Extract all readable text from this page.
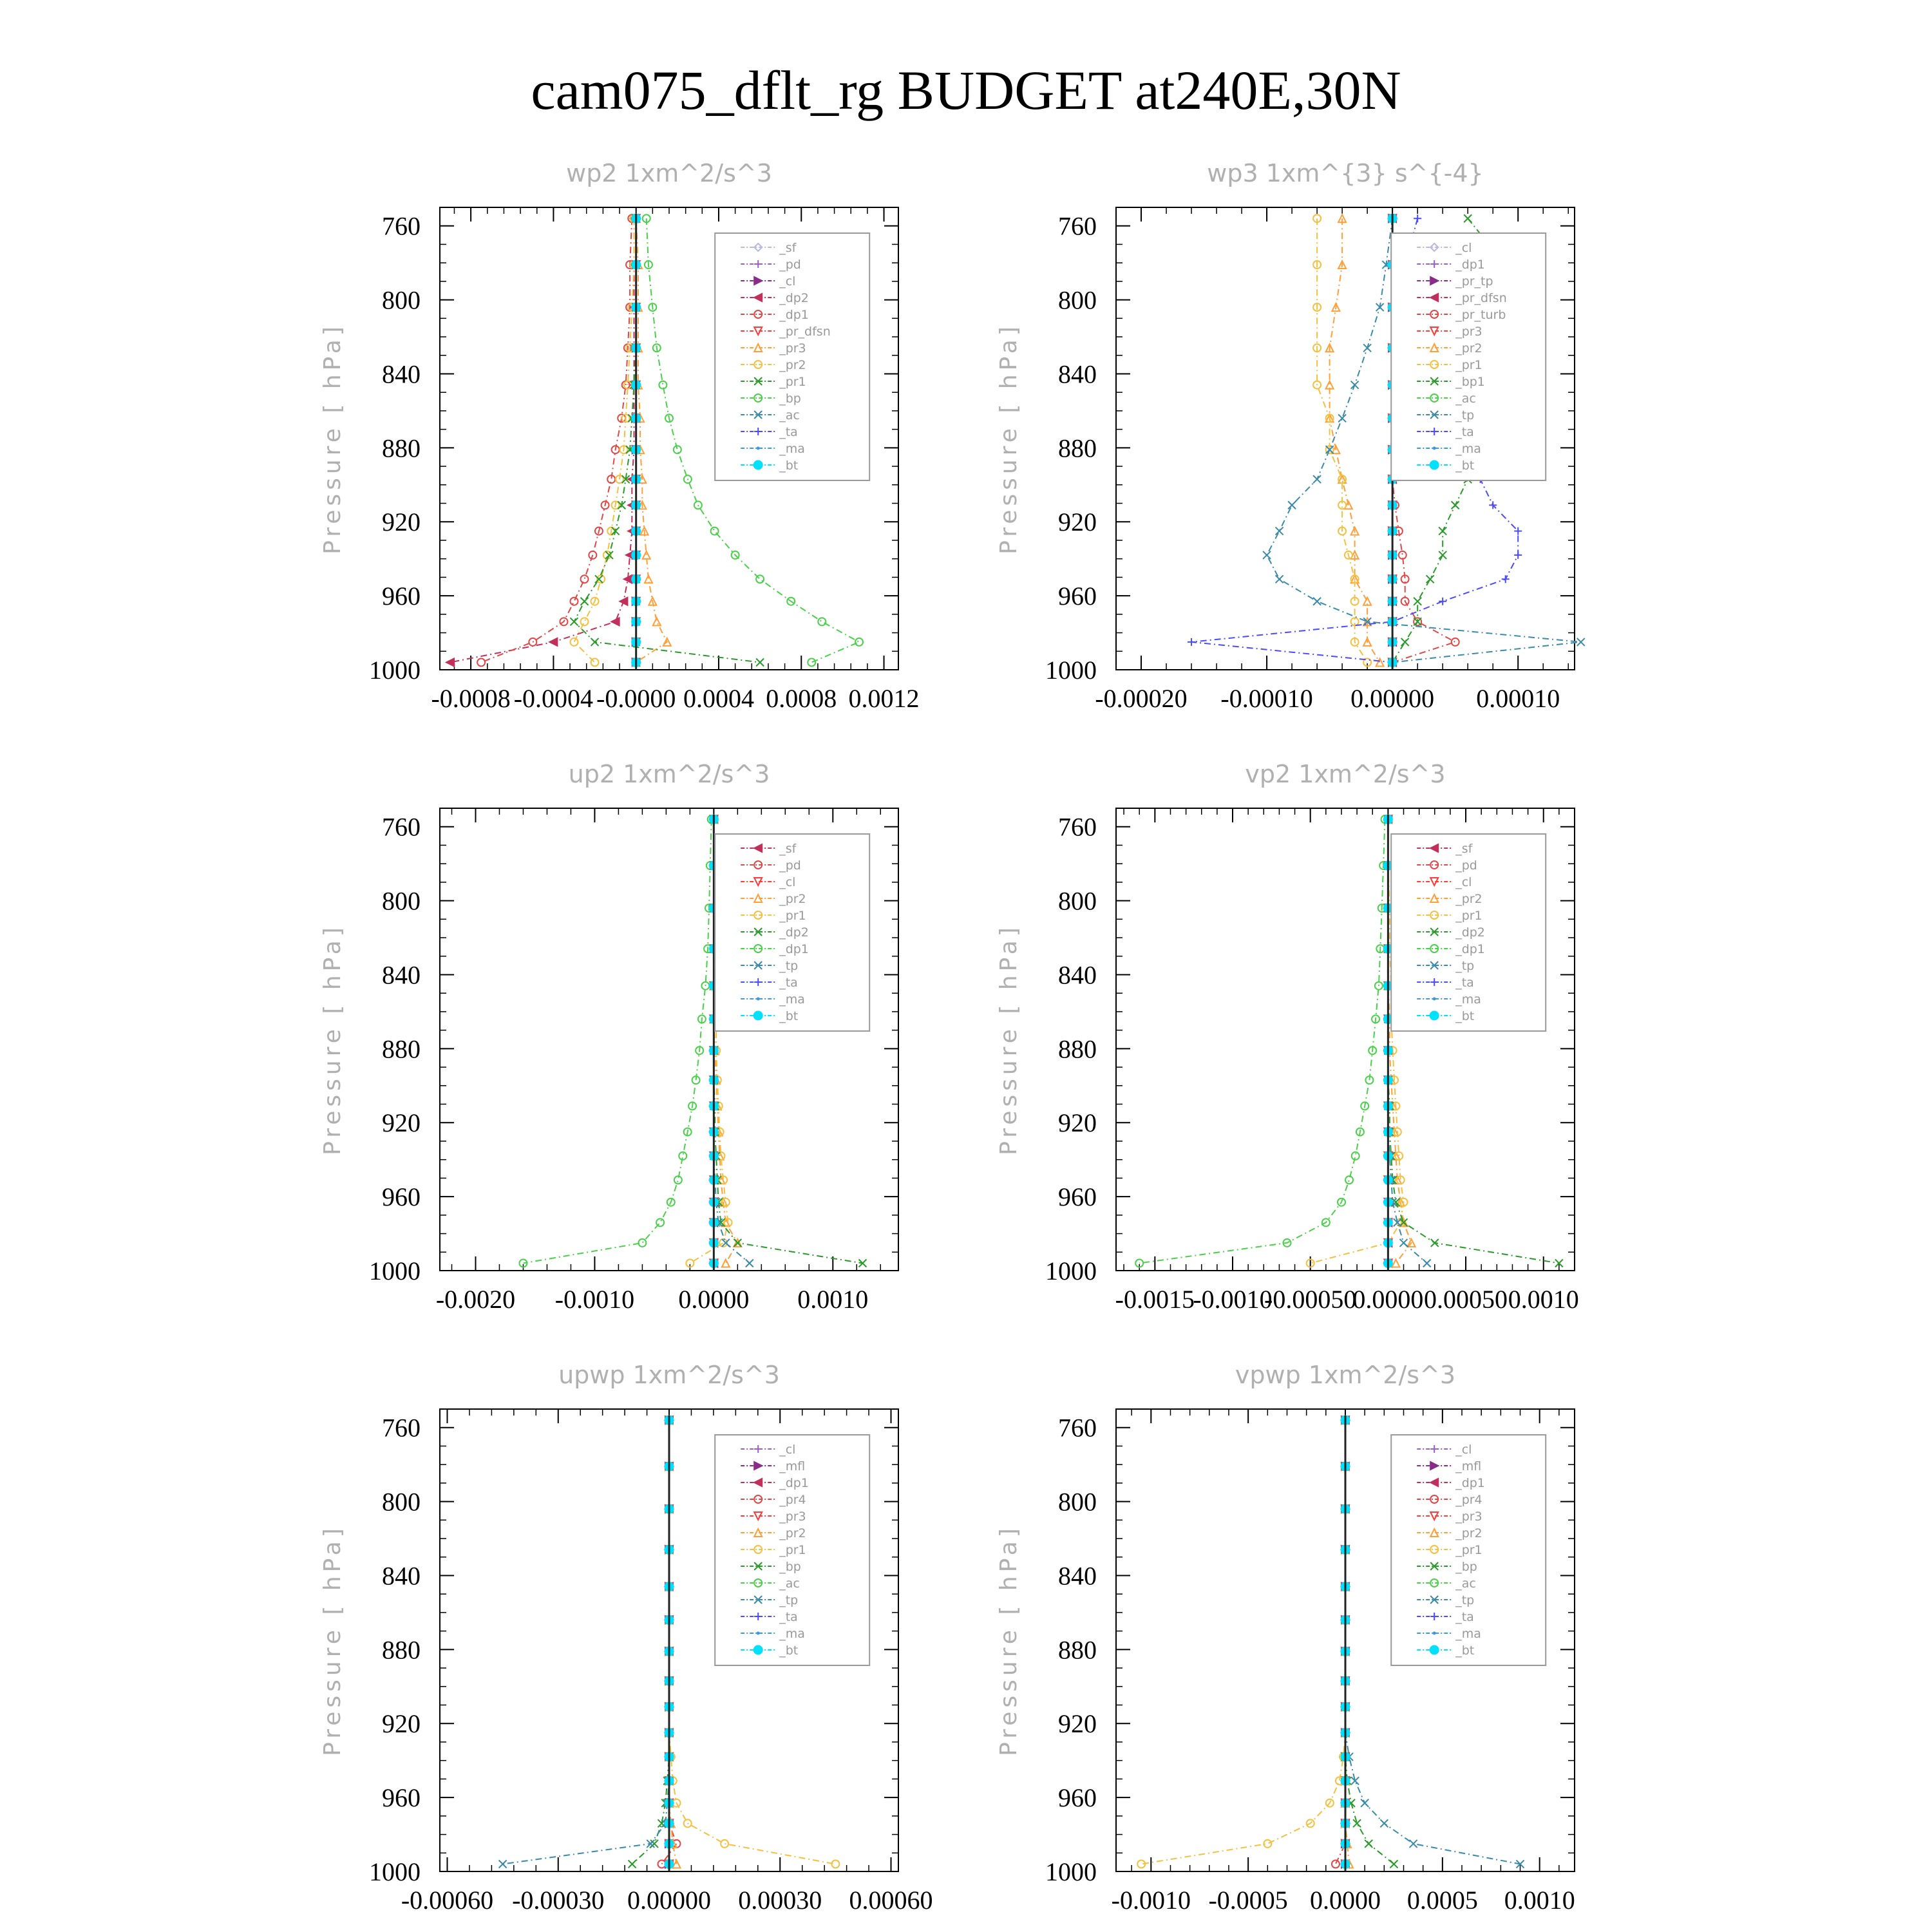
cam075_dflt_rg BUDGET at240E,30N
wp2 1xm^2/s^3
Pressure [ hPa]
760
800
840
880
920
960
1000
-0.0008 -0.0004 -0.0000 0.0004 0.0008 0.0012
_sf
_pd
_cl
_dp2
_dp1
_pr_dfsn
_pr3
_pr2
_pr1
_bp
_ac
_ta
_ma
_bt
wp3 1xm^{3} s^{-4}
Pressure [ hPa]
760
800
840
880
920
960
1000
-0.00020 -0.00010 0.00000 0.00010
_cl
_dp1
_pr_tp
_pr_dfsn
_pr_turb
_pr3
_pr2
_pr1
_bp1
_ac
_tp
_ta
_ma
_bt
up2 1xm^2/s^3
Pressure [ hPa]
760
800
840
880
920
960
1000
-0.0020 -0.0010 0.0000 0.0010
_sf
_pd
_cl
_pr2
_pr1
_dp2
_dp1
_tp
_ta
_ma
_bt
vp2 1xm^2/s^3
Pressure [ hPa]
760
800
840
880
920
960
1000
-0.0015
-0.0010
-0.00050
0.0000 0.00050 0.0010
_sf
_pd
_cl
_pr2
_pr1
_dp2
_dp1
_tp
_ta
_ma
_bt
upwp 1xm^2/s^3
Pressure [ hPa]
760
800
840
880
920
960
1000
-0.00060 -0.00030 0.00000 0.00030 0.00060
_cl
_mfl
_dp1
_pr4
_pr3
_pr2
_pr1
_bp
_ac
_tp
_ta
_ma
_bt
vpwp 1xm^2/s^3
Pressure [ hPa]
760
800
840
880
920
960
1000
-0.0010 -0.0005 0.0000 0.0005 0.0010
_cl
_mfl
_dp1
_pr4
_pr3
_pr2
_pr1
_bp
_ac
_tp
_ta
_ma
_bt
